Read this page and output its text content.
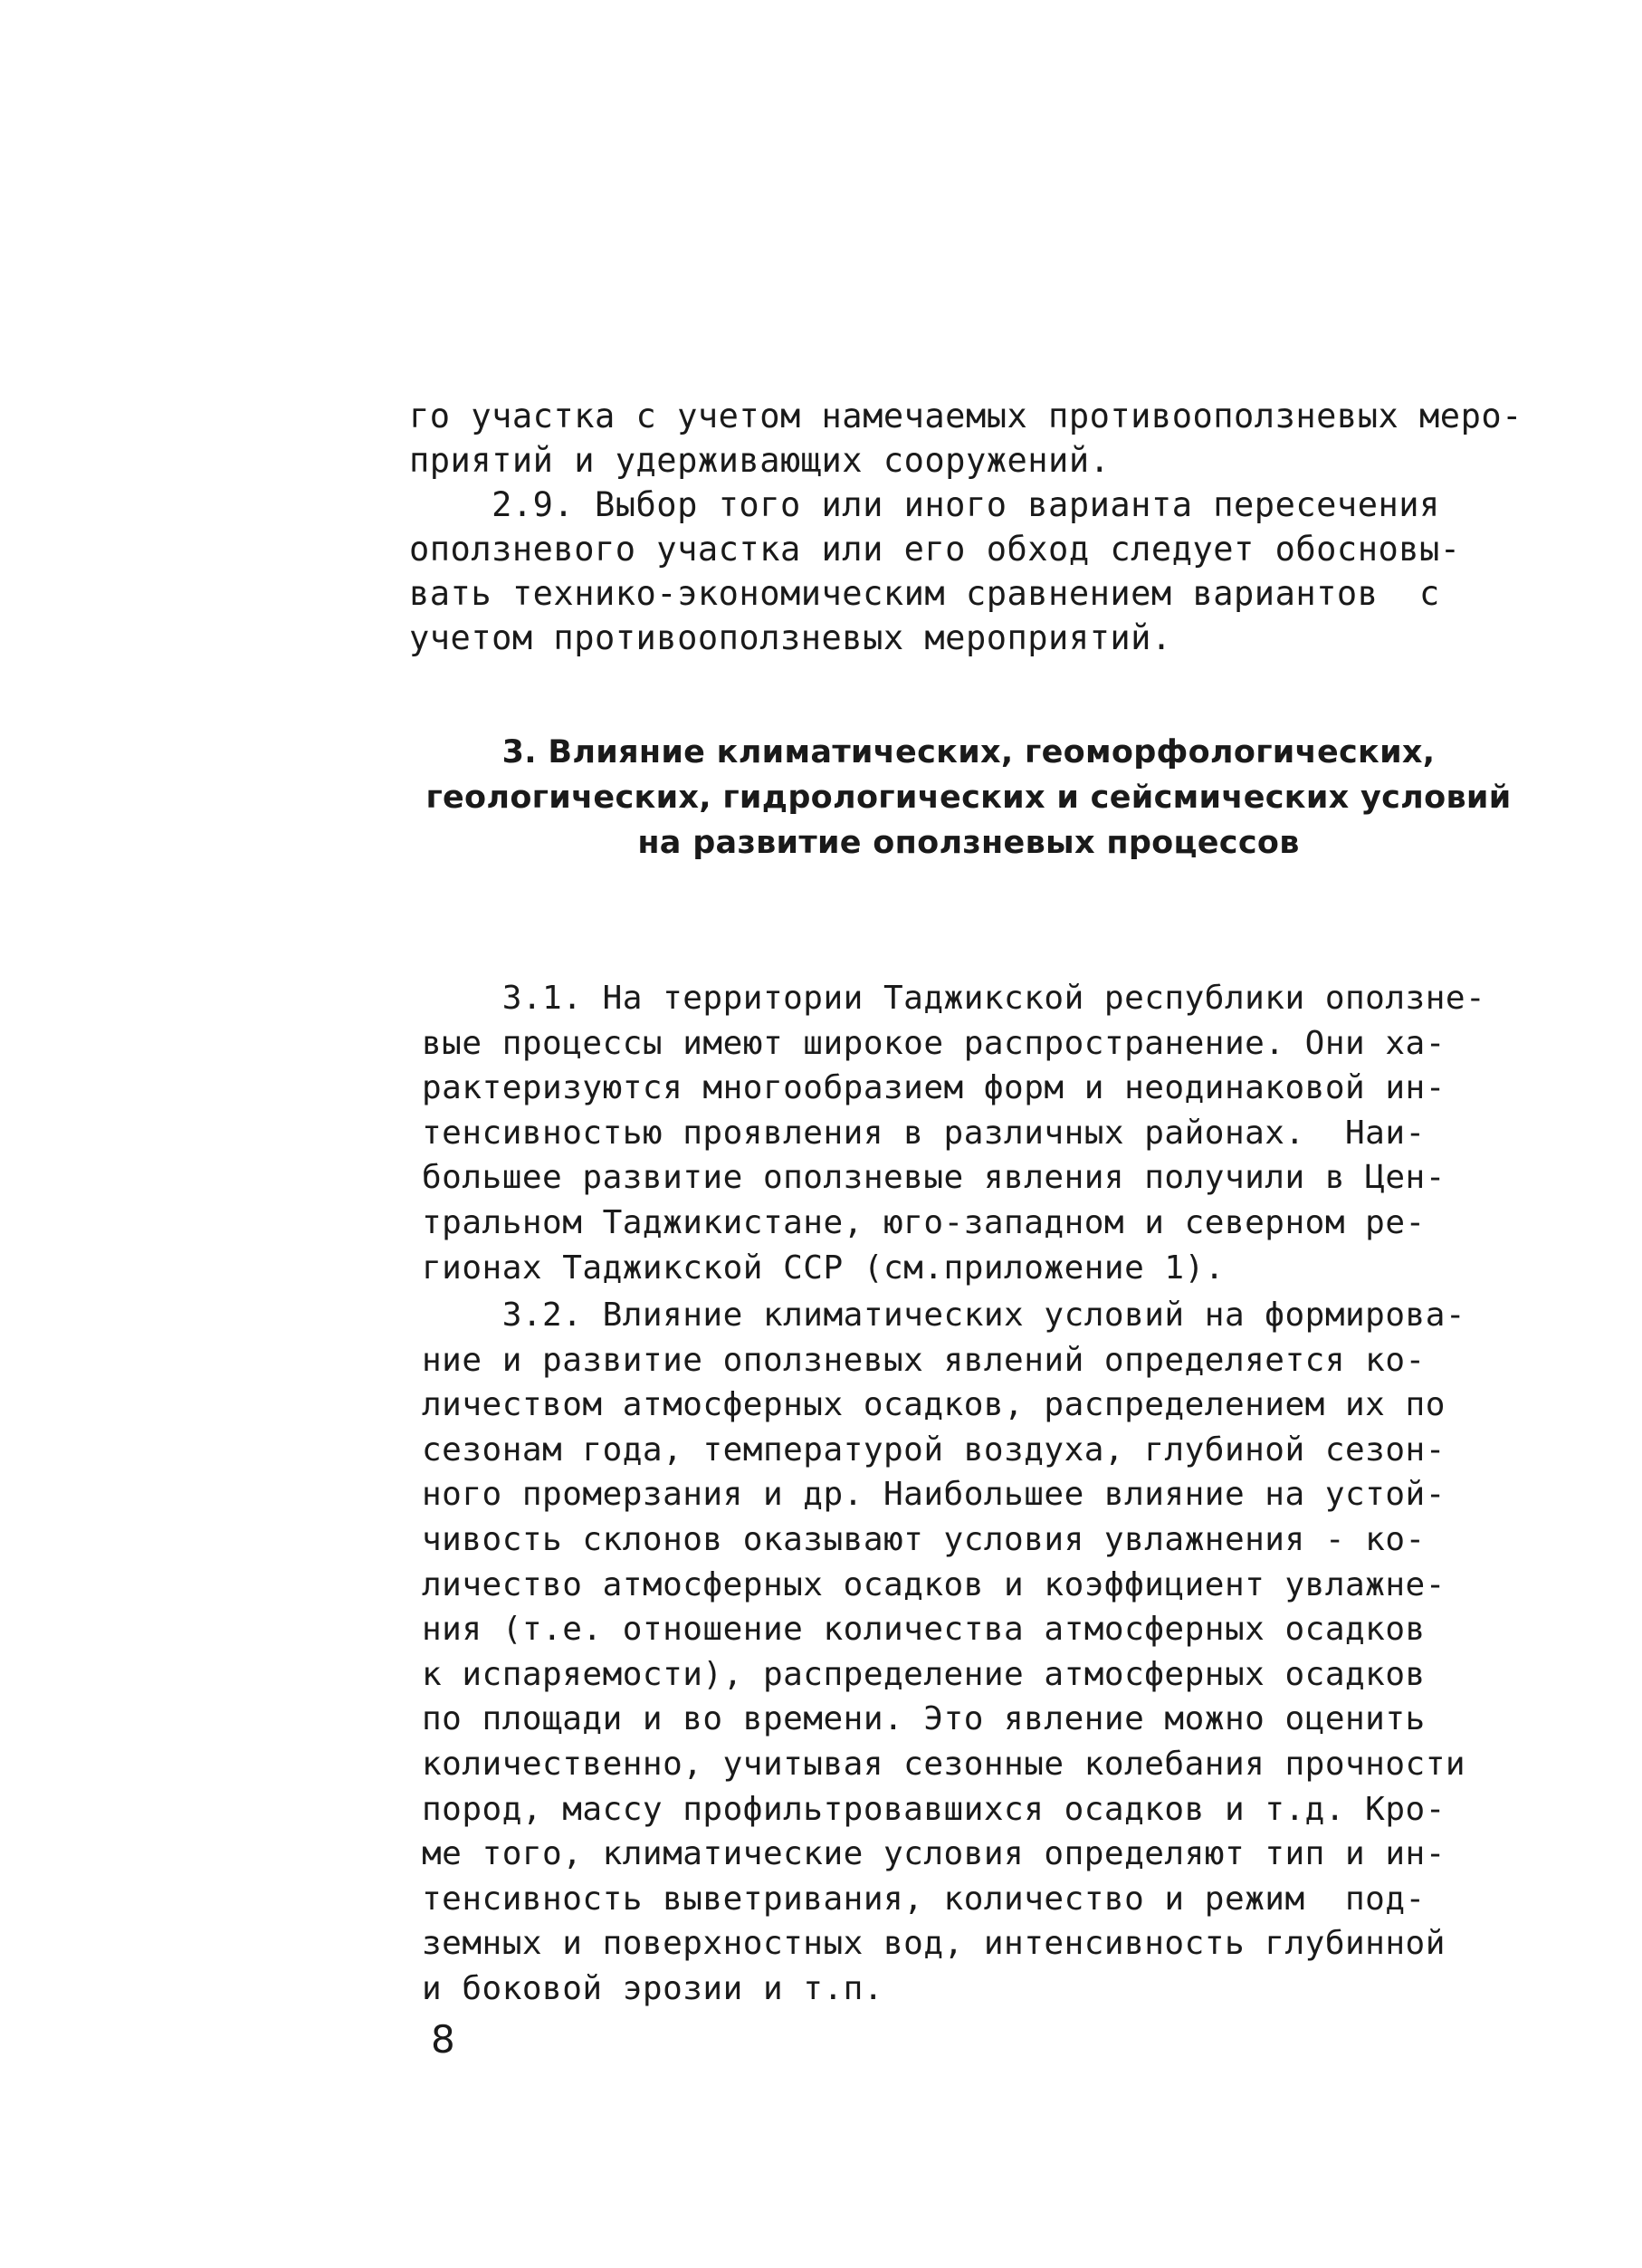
го участка с учетом намечаемых противооползневых меро-
приятий и удерживающих сооружений.
2.9. Выбор того или иного варианта пересечения
оползневого участка или его обход следует обосновы-
вать технико-экономическим сравнением вариантов  с
учетом противооползневых мероприятий.
3. Влияние климатических, геоморфологических,
геологических, гидрологических и сейсмических условий
на развитие оползневых процессов
3.1. На территории Таджикской республики оползне-
вые процессы имеют широкое распространение. Они ха-
рактеризуются многообразием форм и неодинаковой ин-
тенсивностью проявления в различных районах.  Наи-
большее развитие оползневые явления получили в Цен-
тральном Таджикистане, юго-западном и северном ре-
гионах Таджикской ССР (см.приложение 1).
3.2. Влияние климатических условий на формирова-
ние и развитие оползневых явлений определяется ко-
личеством атмосферных осадков, распределением их по
сезонам года, температурой воздуха, глубиной сезон-
ного промерзания и др. Наибольшее влияние на устой-
чивость склонов оказывают условия увлажнения - ко-
личество атмосферных осадков и коэффициент увлажне-
ния (т.е. отношение количества атмосферных осадков
к испаряемости), распределение атмосферных осадков
по площади и во времени. Это явление можно оценить
количественно, учитывая сезонные колебания прочности
пород, массу профильтровавшихся осадков и т.д. Кро-
ме того, климатические условия определяют тип и ин-
тенсивность выветривания, количество и режим  под-
земных и поверхностных вод, интенсивность глубинной
и боковой эрозии и т.п.
8
